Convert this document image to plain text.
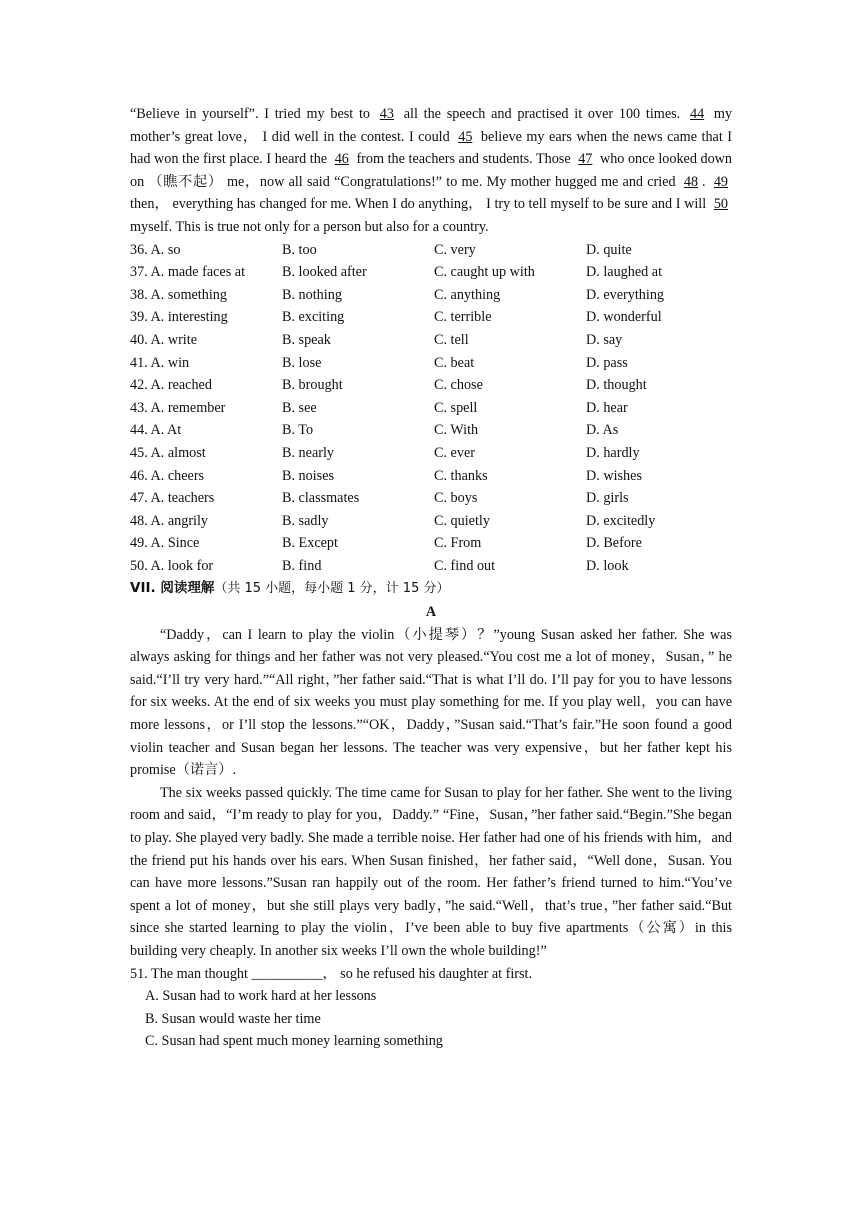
“Believe in yourself”. I tried my best to 43 all the speech and practised it over 100 times. 44 my mother’s great love， I did well in the contest. I could 45 believe my ears when the news came that I had won the first place. I heard the 46 from the teachers and students. Those 47 who once looked down on （瞧不起） me，now all said “Congratulations!” to me. My mother hugged me and cried 48 . 49 then， everything has changed for me. When I do anything， I try to tell myself to be sure and I will 50 myself. This is true not only for a person but also for a country.

36. A. so	B. too	C. very	D. quite
37. A. made faces at	B. looked after	C. caught up with	D. laughed at
38. A. something	B. nothing	C. anything	D. everything
39. A. interesting	B. exciting	C. terrible	D. wonderful
40. A. write	B. speak	C. tell	D. say
41. A. win	B. lose	C. beat	D. pass
42. A. reached	B. brought	C. chose	D. thought
43. A. remember	B. see	C. spell	D. hear
44. A. At	B. To	C. With	D. As
45. A. almost	B. nearly	C. ever	D. hardly
46. A. cheers	B. noises	C. thanks	D. wishes
47. A. teachers	B. classmates	C. boys	D. girls
48. A. angrily	B. sadly	C. quietly	D. excitedly
49. A. Since	B. Except	C. From	D. Before
50. A. look for	B. find	C. find out	D. look
VII. 阅读理解（共 15 小题，每小题 1 分，计 15 分）
A

“Daddy，can I learn to play the violin（小提琴）？”young Susan asked her father. She was always asking for things and her father was not very pleased.“You cost me a lot of money，Susan，” he said.“I’ll try very hard.”“All right，”her father said.“That is what I’ll do. I’ll pay for you to have lessons for six weeks. At the end of six weeks you must play something for me. If you play well，you can have more lessons，or I’ll stop the lessons.”“OK，Daddy，”Susan said.“That’s fair.”He soon found a good violin teacher and Susan began her lessons. The teacher was very expensive，but her father kept his promise（诺言）.

The six weeks passed quickly. The time came for Susan to play for her father. She went to the living room and said，“I’m ready to play for you，Daddy.” “Fine，Susan，”her father said.“Begin.”She began to play. She played very badly. She made a terrible noise. Her father had one of his friends with him，and the friend put his hands over his ears. When Susan finished，her father said，“Well done，Susan. You can have more lessons.”Susan ran happily out of the room. Her father’s friend turned to him.“You’ve spent a lot of money，but she still plays very badly，”he said.“Well，that’s true，”her father said.“But since she started learning to play the violin，I’ve been able to buy five apartments（公寓）in this building very cheaply. In another six weeks I’ll own the whole building!”

51. The man thought __________， so he refused his daughter at first.

A. Susan had to work hard at her lessons

B. Susan would waste her time

C. Susan had spent much money learning something
